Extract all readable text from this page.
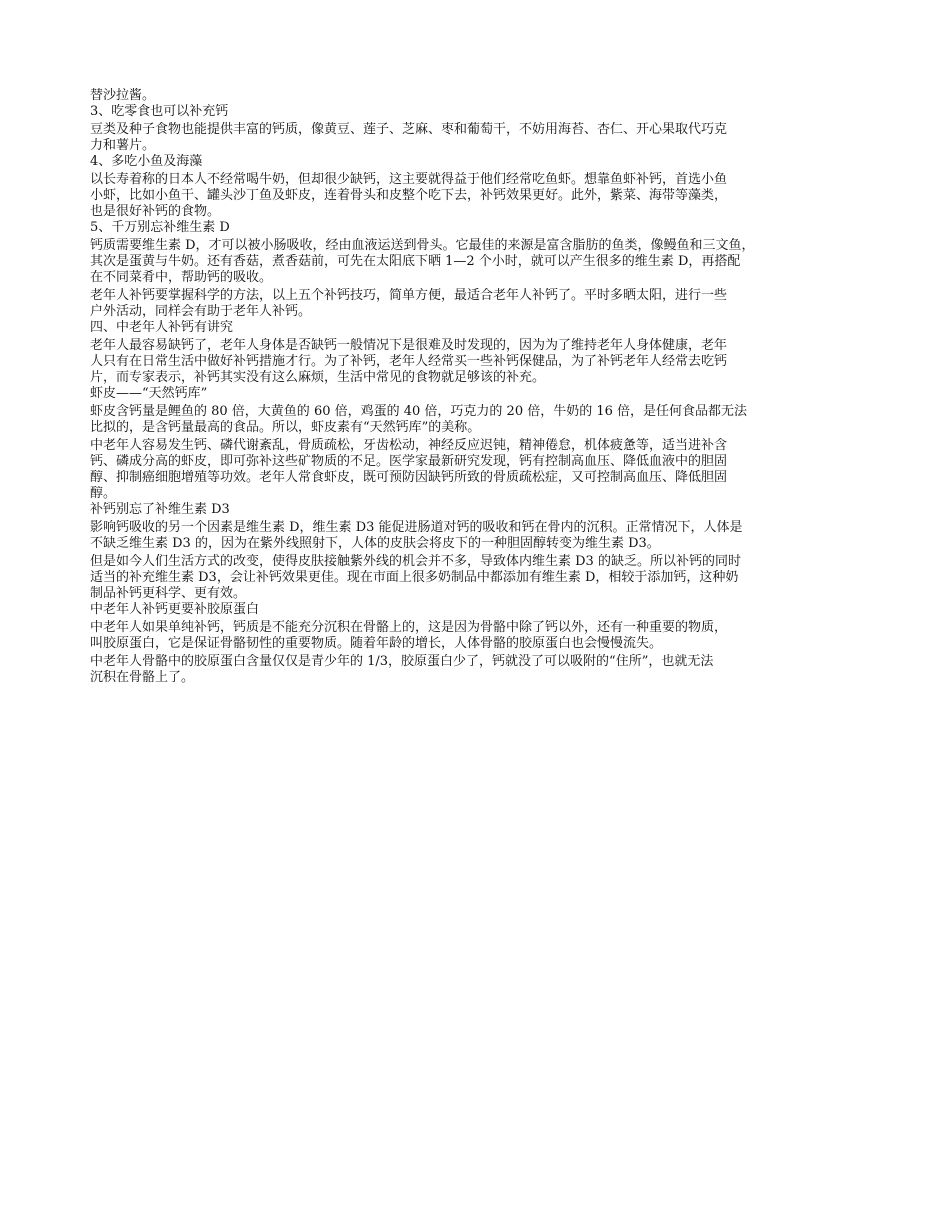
替沙拉酱。
3、吃零食也可以补充钙
豆类及种子食物也能提供丰富的钙质，像黄豆、莲子、芝麻、枣和葡萄干，不妨用海苔、杏仁、开心果取代巧克
力和薯片。
4、多吃小鱼及海藻
以长寿着称的日本人不经常喝牛奶，但却很少缺钙，这主要就得益于他们经常吃鱼虾。想靠鱼虾补钙，首选小鱼
小虾，比如小鱼干、罐头沙丁鱼及虾皮，连着骨头和皮整个吃下去，补钙效果更好。此外，紫菜、海带等藻类，
也是很好补钙的食物。
5、千万别忘补维生素 D
钙质需要维生素 D，才可以被小肠吸收，经由血液运送到骨头。它最佳的来源是富含脂肪的鱼类，像鳗鱼和三文鱼，
其次是蛋黄与牛奶。还有香菇，煮香菇前，可先在太阳底下晒 1—2 个小时，就可以产生很多的维生素 D，再搭配
在不同菜肴中，帮助钙的吸收。
老年人补钙要掌握科学的方法，以上五个补钙技巧，简单方便，最适合老年人补钙了。平时多晒太阳，进行一些
户外活动，同样会有助于老年人补钙。
四、中老年人补钙有讲究
老年人最容易缺钙了，老年人身体是否缺钙一般情况下是很难及时发现的，因为为了维持老年人身体健康，老年
人只有在日常生活中做好补钙措施才行。为了补钙，老年人经常买一些补钙保健品，为了补钙老年人经常去吃钙
片，而专家表示，补钙其实没有这么麻烦，生活中常见的食物就足够该的补充。
虾皮——“天然钙库”
虾皮含钙量是鲤鱼的 80 倍，大黄鱼的 60 倍，鸡蛋的 40 倍，巧克力的 20 倍，牛奶的 16 倍，是任何食品都无法
比拟的，是含钙量最高的食品。所以，虾皮素有“天然钙库”的美称。
中老年人容易发生钙、磷代谢紊乱，骨质疏松，牙齿松动，神经反应迟钝，精神倦怠，机体疲惫等，适当进补含
钙、磷成分高的虾皮，即可弥补这些矿物质的不足。医学家最新研究发现，钙有控制高血压、降低血液中的胆固
醇、抑制癌细胞增殖等功效。老年人常食虾皮，既可预防因缺钙所致的骨质疏松症，又可控制高血压、降低胆固
醇。
补钙别忘了补维生素 D3
影响钙吸收的另一个因素是维生素 D，维生素 D3 能促进肠道对钙的吸收和钙在骨内的沉积。正常情况下，人体是
不缺乏维生素 D3 的，因为在紫外线照射下，人体的皮肤会将皮下的一种胆固醇转变为维生素 D3。
但是如今人们生活方式的改变，使得皮肤接触紫外线的机会并不多，导致体内维生素 D3 的缺乏。所以补钙的同时
适当的补充维生素 D3，会让补钙效果更佳。现在市面上很多奶制品中都添加有维生素 D，相较于添加钙，这种奶
制品补钙更科学、更有效。
中老年人补钙更要补胶原蛋白
中老年人如果单纯补钙，钙质是不能充分沉积在骨骼上的，这是因为骨骼中除了钙以外，还有一种重要的物质，
叫胶原蛋白，它是保证骨骼韧性的重要物质。随着年龄的增长，人体骨骼的胶原蛋白也会慢慢流失。
中老年人骨骼中的胶原蛋白含量仅仅是青少年的 1/3，胶原蛋白少了，钙就没了可以吸附的“住所”，也就无法
沉积在骨骼上了。
